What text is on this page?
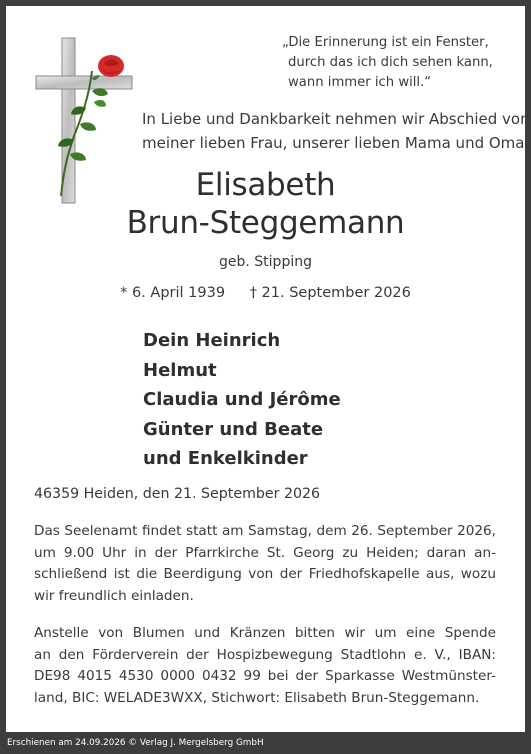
„Die Erinnerung ist ein Fenster,
durch das ich dich sehen kann,
wann immer ich will.“
In Liebe und Dankbarkeit nehmen wir Abschied von
meiner lieben Frau, unserer lieben Mama und Oma
Elisabeth
Brun-Steggemann
geb. Stipping
* 6. April 1939 † 21. September 2026
Dein Heinrich
Helmut
Claudia und Jérôme
Günter und Beate
und Enkelkinder
46359 Heiden, den 21. September 2026
Das Seelenamt findet statt am Samstag, dem 26. September 2026,
um 9.00 Uhr in der Pfarrkirche St. Georg zu Heiden; daran an-
schließend ist die Beerdigung von der Friedhofskapelle aus, wozu
wir freundlich einladen.
Anstelle von Blumen und Kränzen bitten wir um eine Spende
an den Förderverein der Hospizbewegung Stadtlohn e. V., IBAN:
DE98 4015 4530 0000 0432 99 bei der Sparkasse Westmünster-
land, BIC: WELADE3WXX, Stichwort: Elisabeth Brun-Steggemann.
Erschienen am 24.09.2026 © Verlag J. Mergelsberg GmbH
